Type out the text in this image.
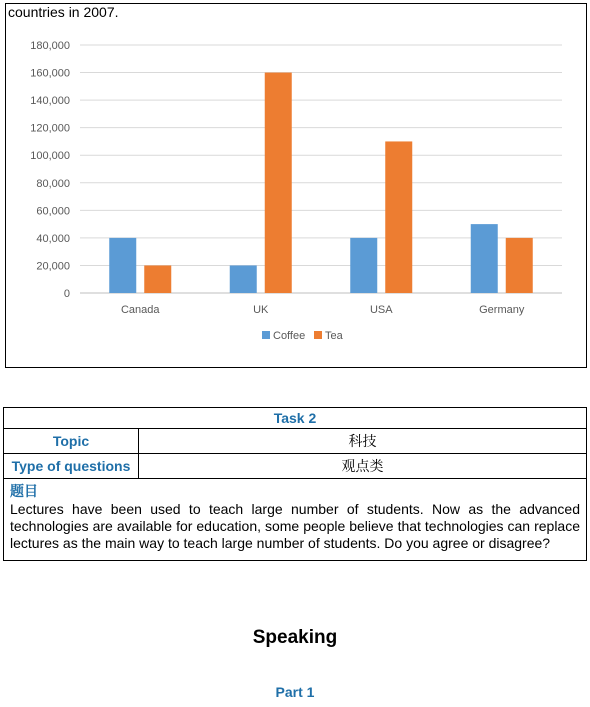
countries in 2007.
0
20,000
40,000
60,000
80,000
100,000
120,000
140,000
160,000
180,000
Canada	UK	USA	Germany
Coffee Tea
Task 2	
Topic	科技
Type of questions	观点类

题目
Lectures have been used to teach large number of students. Now as the advanced technologies are available for education, some people believe that technologies can replace lectures as the main way to teach large number of students. Do you agree or disagree?	
Speaking
Part 1
